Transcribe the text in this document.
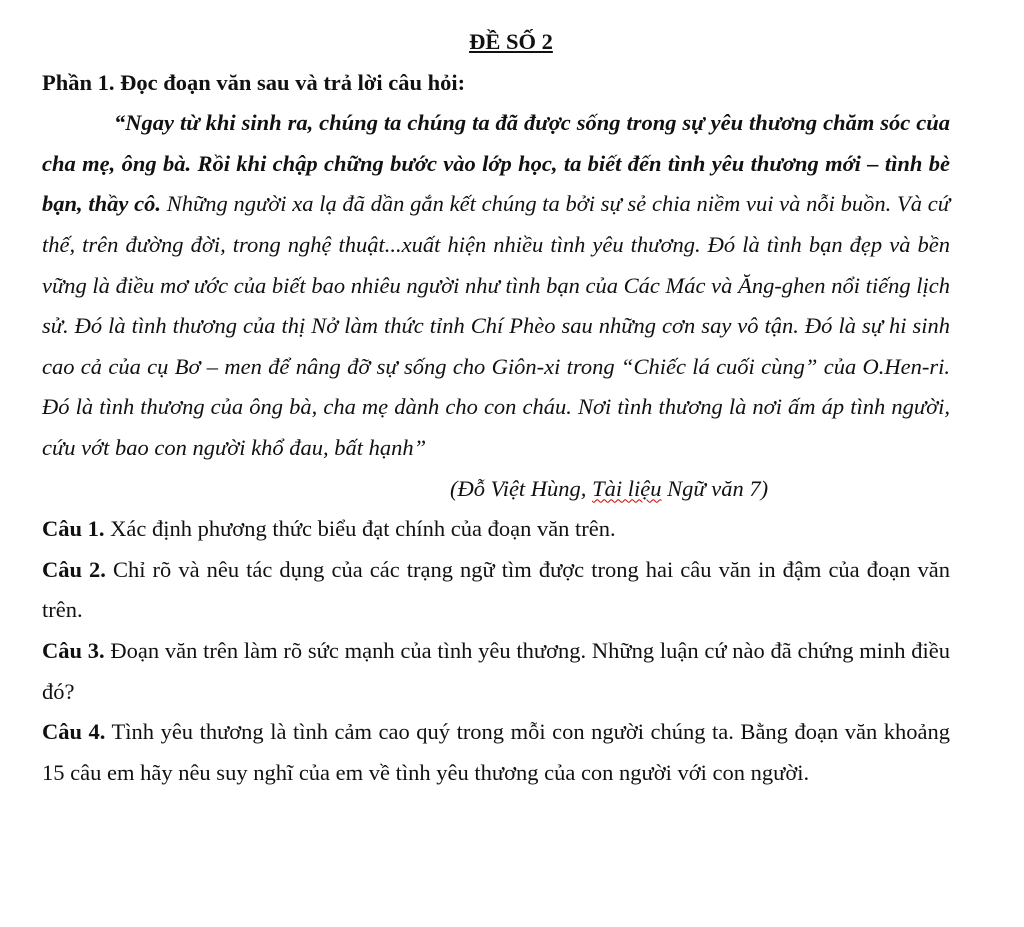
ĐỀ SỐ 2
Phần 1. Đọc đoạn văn sau và trả lời câu hỏi:

“Ngay từ khi sinh ra, chúng ta chúng ta đã được sống trong sự yêu thương chăm sóc của cha mẹ, ông bà. Rồi khi chập chững bước vào lớp học, ta biết đến tình yêu thương mới – tình bè bạn, thầy cô. Những người xa lạ đã dần gắn kết chúng ta bởi sự sẻ chia niềm vui và nỗi buồn. Và cứ thế, trên đường đời, trong nghệ thuật...xuất hiện nhiều tình yêu thương. Đó là tình bạn đẹp và bền vững là điều mơ ước của biết bao nhiêu người như tình bạn của Các Mác và Ăng-ghen nổi tiếng lịch sử. Đó là tình thương của thị Nở làm thức tỉnh Chí Phèo sau những cơn say vô tận. Đó là sự hi sinh cao cả của cụ Bơ – men để nâng đỡ sự sống cho Giôn-xi trong “Chiếc lá cuối cùng” của O.Hen-ri. Đó là tình thương của ông bà, cha mẹ dành cho con cháu. Nơi tình thương là nơi ấm áp tình người, cứu vớt bao con người khổ đau, bất hạnh”

(Đỗ Việt Hùng, Tài liệu Ngữ văn 7)

Câu 1. Xác định phương thức biểu đạt chính của đoạn văn trên.

Câu 2. Chỉ rõ và nêu tác dụng của các trạng ngữ tìm được trong hai câu văn in đậm của đoạn văn trên.

Câu 3. Đoạn văn trên làm rõ sức mạnh của tình yêu thương. Những luận cứ nào đã chứng minh điều đó?

Câu 4. Tình yêu thương là tình cảm cao quý trong mỗi con người chúng ta. Bằng đoạn văn khoảng 15 câu em hãy nêu suy nghĩ của em về tình yêu thương của con người với con người.
